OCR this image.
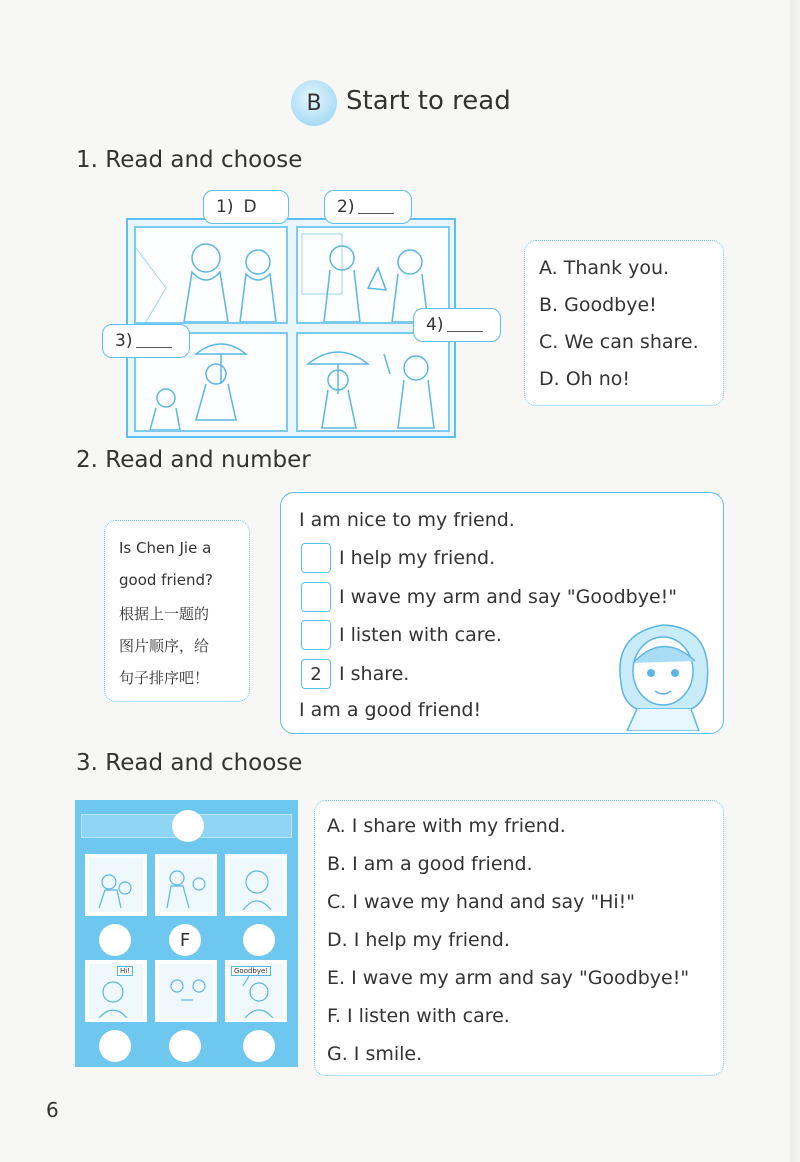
B Start to read
1. Read and choose
1) D	2)
3)
4)
A. Thank you.
B. Goodbye!
C. We can share.
D. Oh no!
2. Read and number
Is Chen Jie a
good friend?
根据上一题的
图片顺序，给
句子排序吧！
I am nice to my friend.
I help my friend.
I wave my arm and say "Goodbye!"
I listen with care.
2 I share.
I am a good friend!
3. Read and choose
F
Hi!	Goodbye!
A. I share with my friend.
B. I am a good friend.
C. I wave my hand and say "Hi!"
D. I help my friend.
E. I wave my arm and say "Goodbye!"
F. I listen with care.
G. I smile.
6
